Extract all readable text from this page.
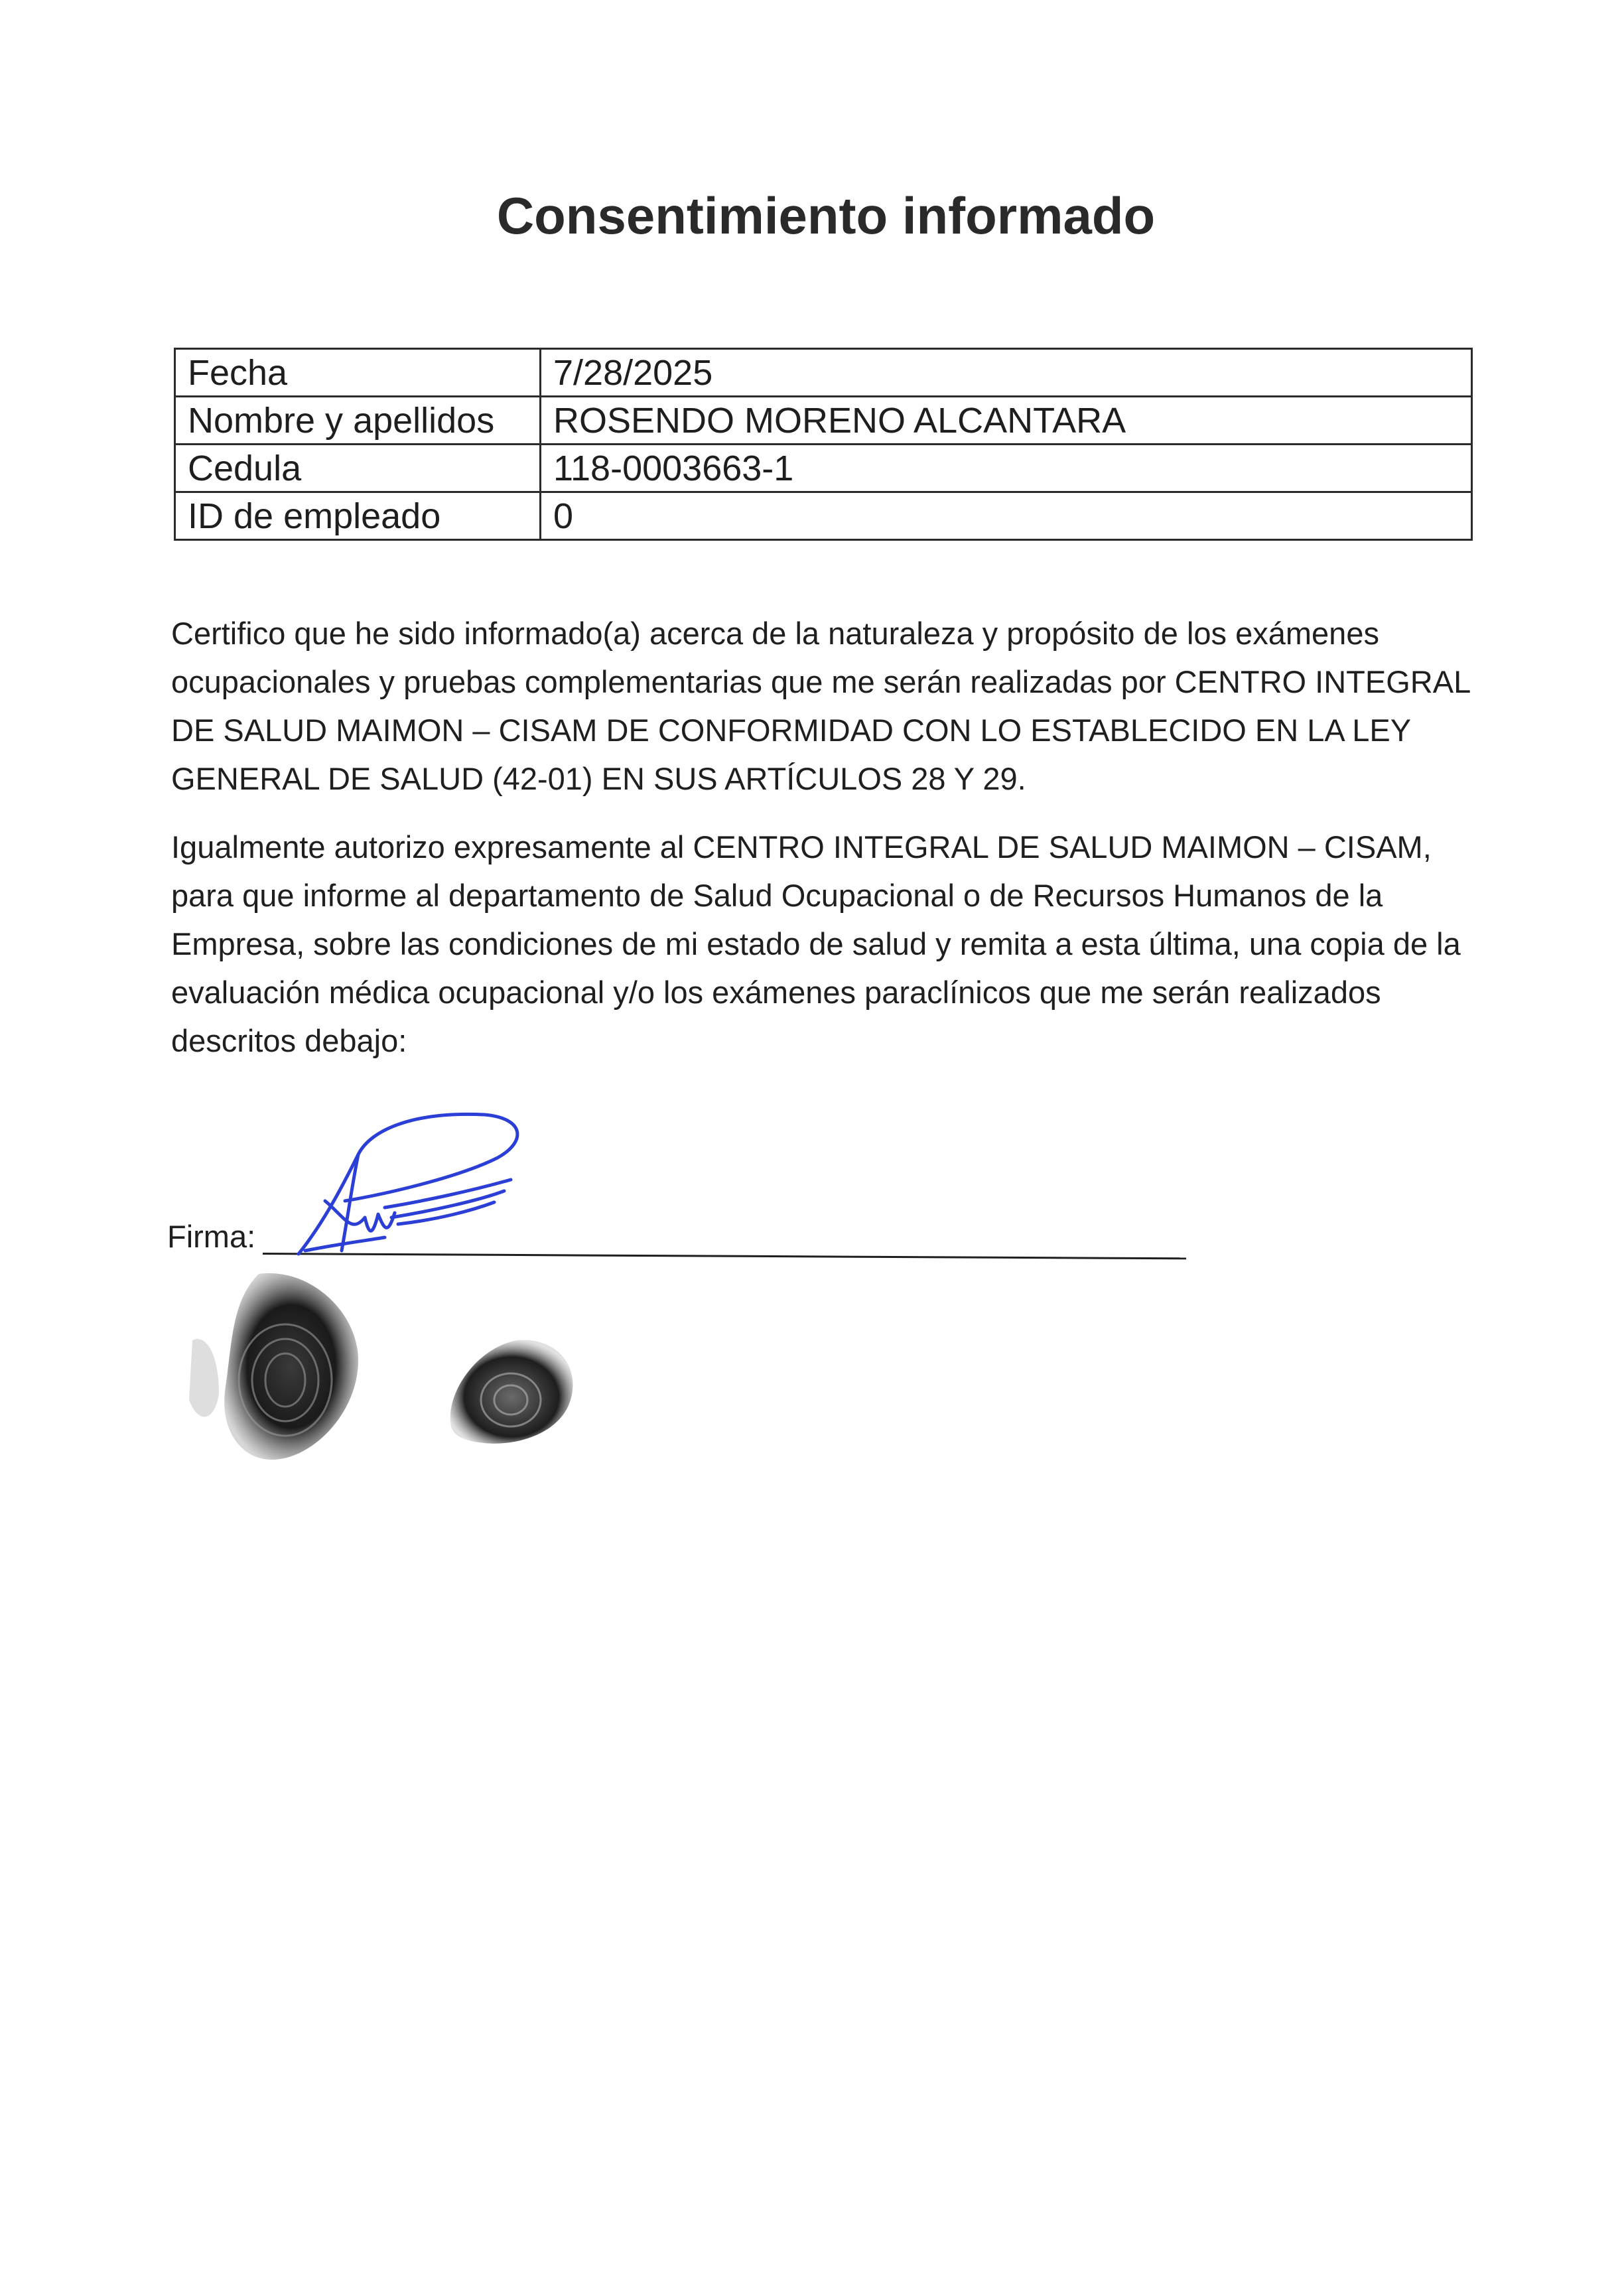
Consentimiento informado
Fecha	7/28/2025
Nombre y apellidos	ROSENDO MORENO ALCANTARA
Cedula	118-0003663-1
ID de empleado	0

Certifico que he sido informado(a) acerca de la naturaleza y propósito de los exámenes ocupacionales y pruebas complementarias que me serán realizadas por CENTRO INTEGRAL DE SALUD MAIMON – CISAM DE CONFORMIDAD CON LO ESTABLECIDO EN LA LEY GENERAL DE SALUD (42-01) EN SUS ARTÍCULOS 28 Y 29.

Igualmente autorizo expresamente al CENTRO INTEGRAL DE SALUD MAIMON – CISAM, para que informe al departamento de Salud Ocupacional o de Recursos Humanos de la Empresa, sobre las condiciones de mi estado de salud y remita a esta última, una copia de la evaluación médica ocupacional y/o los exámenes paraclínicos que me serán realizados descritos debajo:

Firma:
